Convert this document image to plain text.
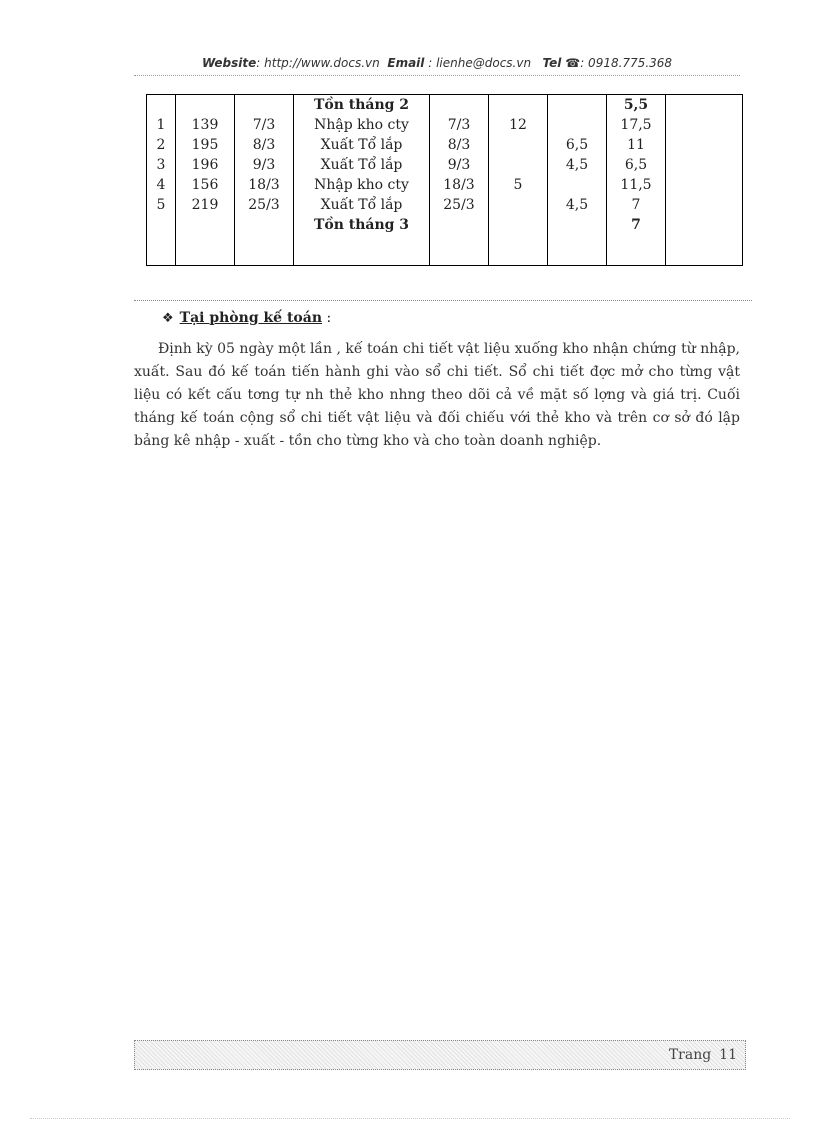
Website: http://www.docs.vn Email : lienhe@docs.vn Tel ☎: 0918.775.368
			Tồn tháng 2				5,5	
1	139	7/3	Nhập kho cty	7/3	12		17,5	
2	195	8/3	Xuất Tổ lắp	8/3		6,5	11	
3	196	9/3	Xuất Tổ lắp	9/3		4,5	6,5	
4	156	18/3	Nhập kho cty	18/3	5		11,5	
5	219	25/3	Xuất Tổ lắp	25/3		4,5	7	
			Tồn tháng 3				7	
❖ Tại phòng kế toán :
Định kỳ 05 ngày một lần , kế toán chi tiết vật liệu xuống kho nhận chứng từ nhập, xuất. Sau đó kế toán tiến hành ghi vào sổ chi tiết. Sổ chi tiết đợc mở cho từng vật liệu có kết cấu tơng tự nh thẻ kho nhng theo dõi cả về mặt số lợng và giá trị. Cuối tháng kế toán cộng sổ chi tiết vật liệu và đối chiếu với thẻ kho và trên cơ sở đó lập bảng kê nhập - xuất - tồn cho từng kho và cho toàn doanh nghiệp.
Trang 11
